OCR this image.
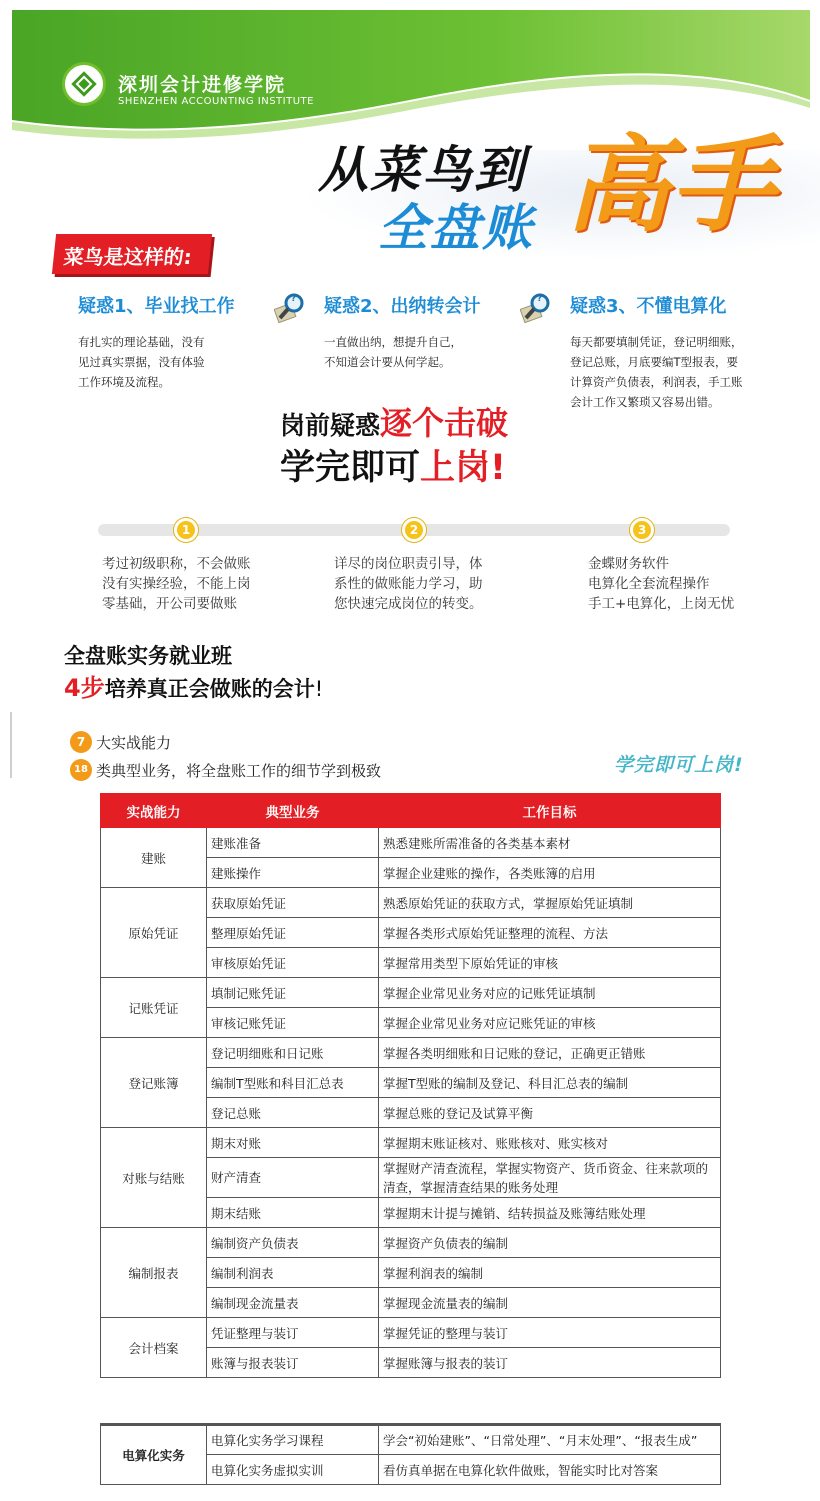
深圳会计进修学院
SHENZHEN ACCOUNTING INSTITUTE
从菜鸟到
全盘账 高手
菜鸟是这样的:
疑惑1、毕业找工作
有扎实的理论基础，没有
见过真实票据，没有体验
工作环境及流程。
? 疑惑2、出纳转会计
一直做出纳，想提升自己，
不知道会计要从何学起。
? 疑惑3、不懂电算化
每天都要填制凭证，登记明细账，
登记总账，月底要编T型报表，要
计算资产负债表，利润表，手工账
会计工作又繁琐又容易出错。
岗前疑惑逐个击破
学完即可上岗!
1	2	3
考过初级职称，不会做账
没有实操经验，不能上岗
零基础，开公司要做账
详尽的岗位职责引导，体
系性的做账能力学习，助
您快速完成岗位的转变。
金蝶财务软件
电算化全套流程操作
手工+电算化，上岗无忧
全盘账实务就业班
4步培养真正会做账的会计!
7 大实战能力
18 类典型业务，将全盘账工作的细节学到极致	学完即可上岗!
实战能力	典型业务	工作目标
建账	建账准备	熟悉建账所需准备的各类基本素材
	建账操作	掌握企业建账的操作，各类账簿的启用
原始凭证	获取原始凭证	熟悉原始凭证的获取方式，掌握原始凭证填制
	整理原始凭证	掌握各类形式原始凭证整理的流程、方法
	审核原始凭证	掌握常用类型下原始凭证的审核
记账凭证	填制记账凭证	掌握企业常见业务对应的记账凭证填制
	审核记账凭证	掌握企业常见业务对应记账凭证的审核
登记账簿	登记明细账和日记账	掌握各类明细账和日记账的登记，正确更正错账
	编制T型账和科目汇总表	掌握T型账的编制及登记、科目汇总表的编制
	登记总账	掌握总账的登记及试算平衡
对账与结账	期末对账	掌握期末账证核对、账账核对、账实核对
	财产清查	掌握财产清查流程，掌握实物资产、货币资金、往来款项的清查，掌握清查结果的账务处理
	期末结账	掌握期末计提与摊销、结转损益及账簿结账处理
编制报表	编制资产负债表	掌握资产负债表的编制
	编制利润表	掌握利润表的编制
	编制现金流量表	掌握现金流量表的编制
会计档案	凭证整理与装订	掌握凭证的整理与装订
	账簿与报表装订	掌握账簿与报表的装订
电算化实务	电算化实务学习课程	学会“初始建账”、“日常处理”、“月末处理”、“报表生成”
	电算化实务虚拟实训	看仿真单据在电算化软件做账，智能实时比对答案
